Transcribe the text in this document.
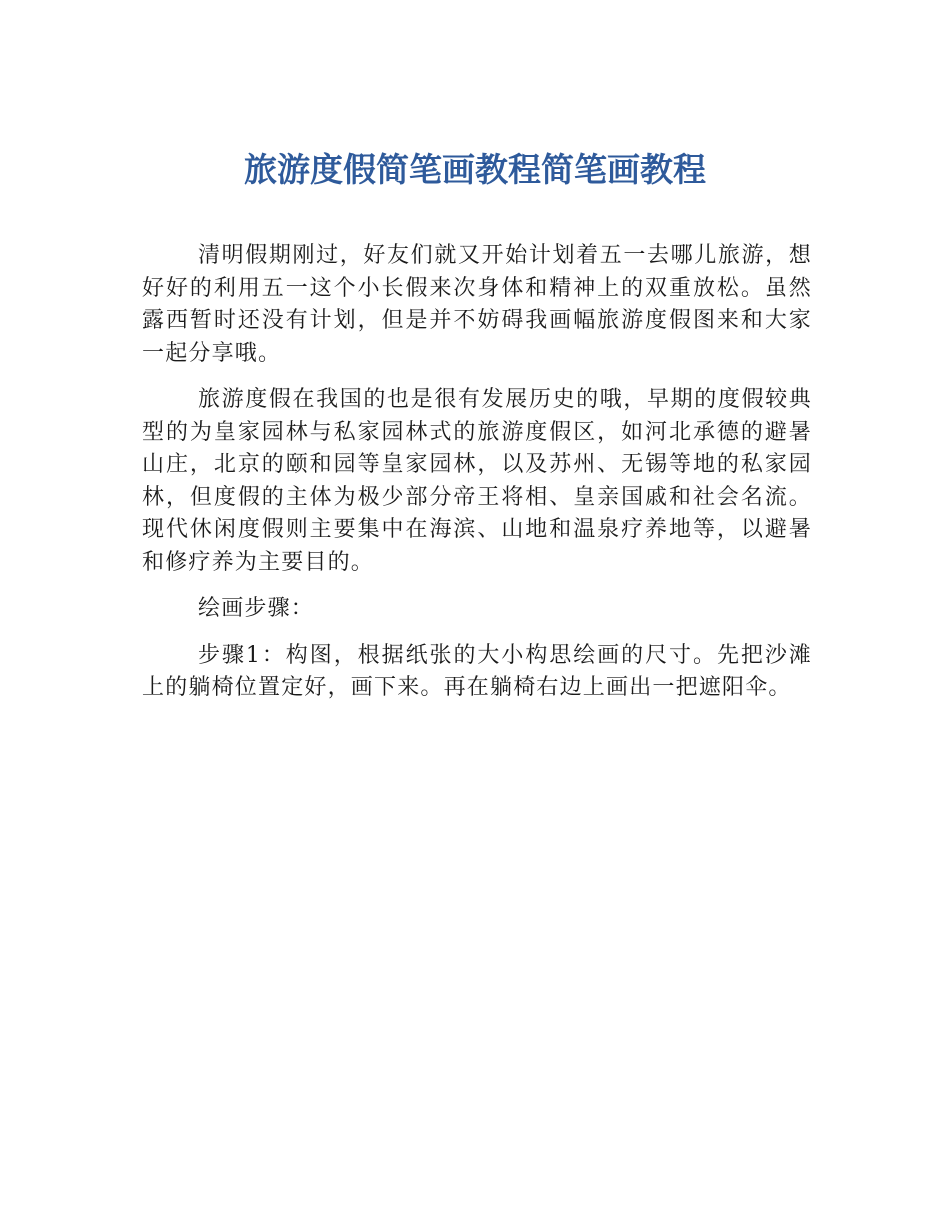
旅游度假简笔画教程简笔画教程

清明假期刚过，好友们就又开始计划着五一去哪儿旅游，想好好的利用五一这个小长假来次身体和精神上的双重放松。虽然露西暂时还没有计划，但是并不妨碍我画幅旅游度假图来和大家一起分享哦。

旅游度假在我国的也是很有发展历史的哦，早期的度假较典型的为皇家园林与私家园林式的旅游度假区，如河北承德的避暑山庄，北京的颐和园等皇家园林，以及苏州、无锡等地的私家园林，但度假的主体为极少部分帝王将相、皇亲国戚和社会名流。现代休闲度假则主要集中在海滨、山地和温泉疗养地等，以避暑和修疗养为主要目的。

绘画步骤：

步骤1：构图，根据纸张的大小构思绘画的尺寸。先把沙滩上的躺椅位置定好，画下来。再在躺椅右边上画出一把遮阳伞。
